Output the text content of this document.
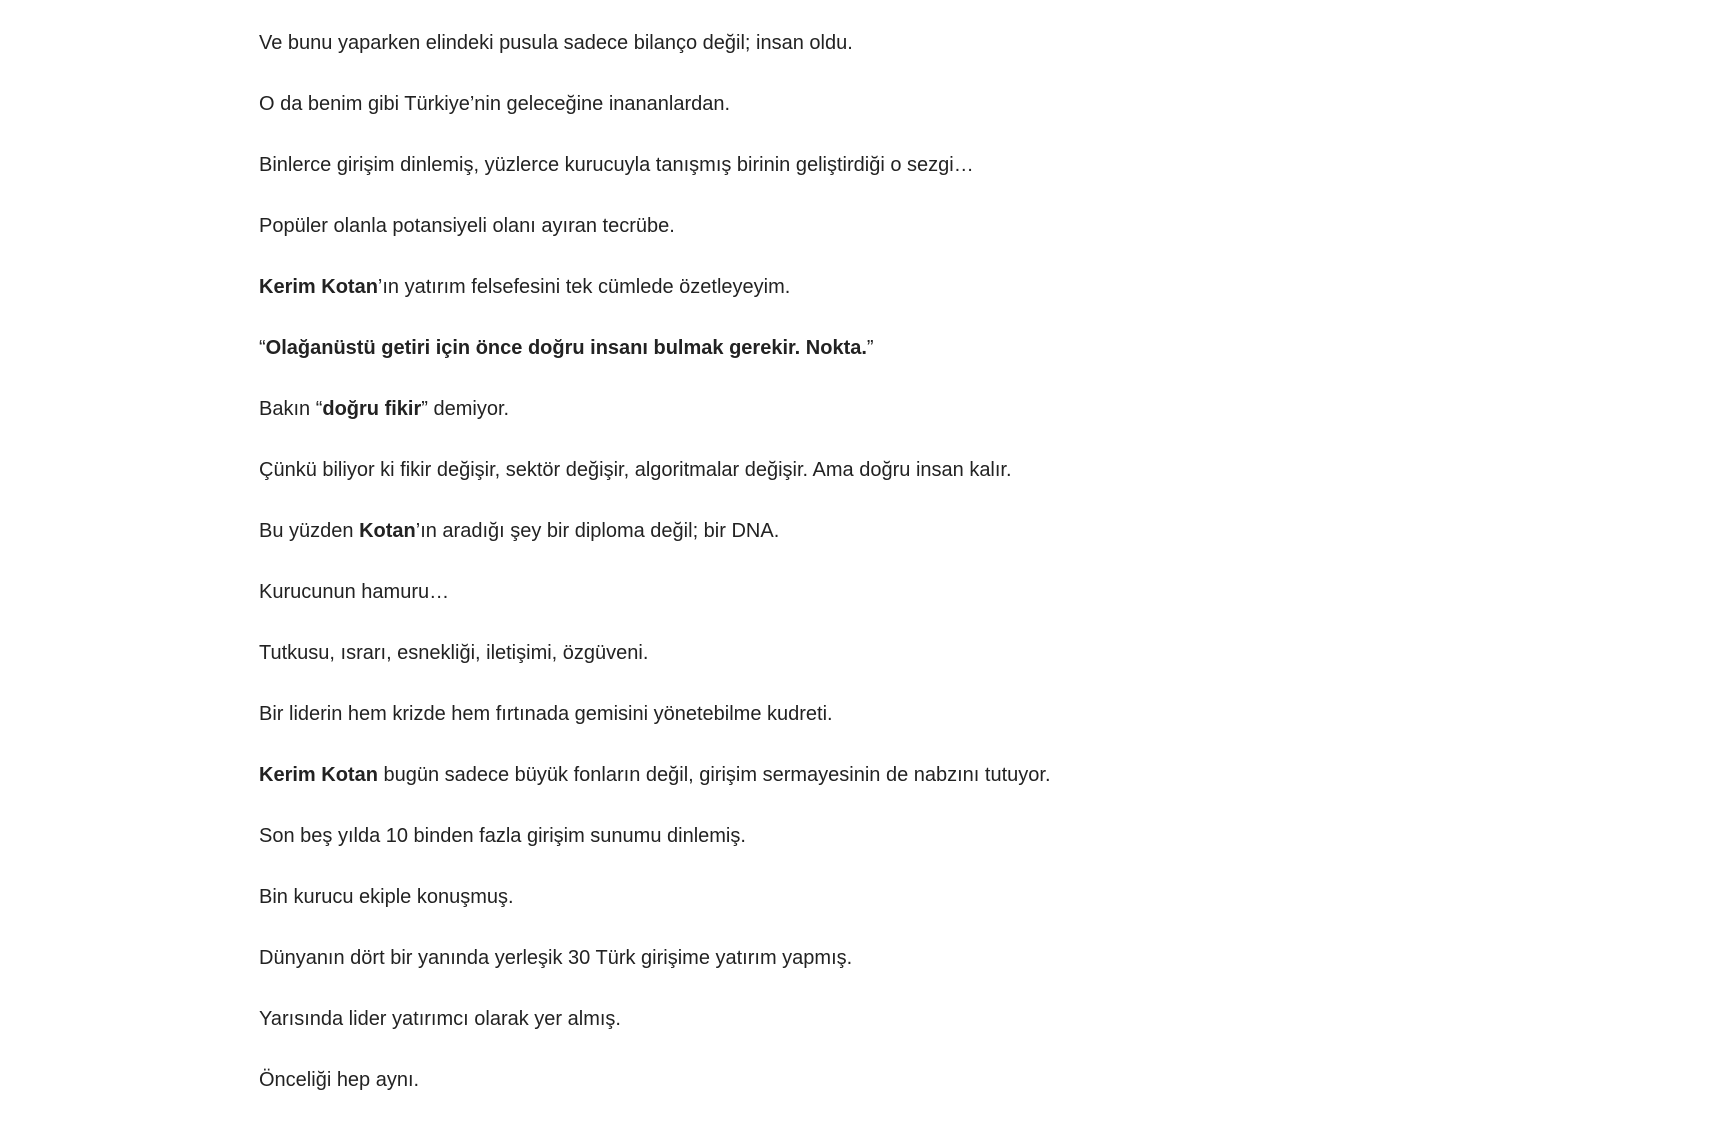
Ve bunu yaparken elindeki pusula sadece bilanço değil; insan oldu.

O da benim gibi Türkiye’nin geleceğine inananlardan.

Binlerce girişim dinlemiş, yüzlerce kurucuyla tanışmış birinin geliştirdiği o sezgi…

Popüler olanla potansiyeli olanı ayıran tecrübe.

Kerim Kotan’ın yatırım felsefesini tek cümlede özetleyeyim.

“Olağanüstü getiri için önce doğru insanı bulmak gerekir. Nokta.”

Bakın “doğru fikir” demiyor.

Çünkü biliyor ki fikir değişir, sektör değişir, algoritmalar değişir. Ama doğru insan kalır.

Bu yüzden Kotan’ın aradığı şey bir diploma değil; bir DNA.

Kurucunun hamuru…

Tutkusu, ısrarı, esnekliği, iletişimi, özgüveni.

Bir liderin hem krizde hem fırtınada gemisini yönetebilme kudreti.

Kerim Kotan bugün sadece büyük fonların değil, girişim sermayesinin de nabzını tutuyor.

Son beş yılda 10 binden fazla girişim sunumu dinlemiş.

Bin kurucu ekiple konuşmuş.

Dünyanın dört bir yanında yerleşik 30 Türk girişime yatırım yapmış.

Yarısında lider yatırımcı olarak yer almış.

Önceliği hep aynı.
